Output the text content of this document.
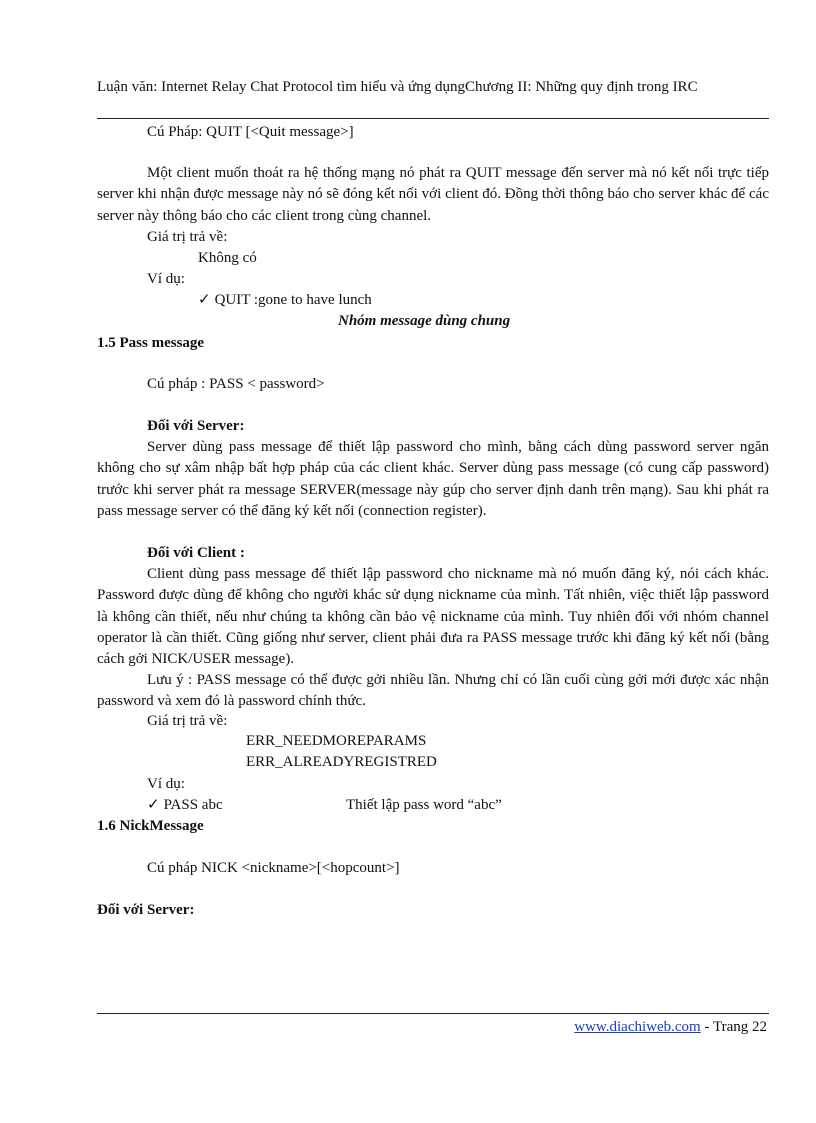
Luận văn: Internet Relay Chat Protocol tìm hiểu và ứng dụngChương II: Những quy định trong IRC
Cú Pháp: QUIT [<Quit message>]
Một client muốn thoát ra hệ thống mạng nó phát ra QUIT message đến server mà nó kết nối trực tiếp server khi nhận được message này nó sẽ đóng kết nối với client đó. Đồng thời thông báo cho server khác để các server này thông báo cho các client trong cùng channel.
Giá trị trả về:
Không có
Ví dụ:
✓ QUIT :gone to have lunch
Nhóm message dùng chung
1.5 Pass message
Cú pháp : PASS < password>
Đối với Server:
Server dùng pass message để thiết lập password cho mình, bằng cách dùng password server ngăn không cho sự xâm nhập bất hợp pháp của các client khác. Server dùng pass message (có cung cấp password) trước khi server phát ra message SERVER(message này gúp cho server định danh trên mạng). Sau khi phát ra pass message server có thể đăng ký kết nối (connection register).
Đối với Client :
Client dùng pass message để thiết lập password cho nickname mà nó muốn đăng ký, nói cách khác. Password được dùng để không cho người khác sử dụng nickname của mình. Tất nhiên, việc thiết lập password là không cần thiết, nếu như chúng ta không cần bảo vệ nickname của mình. Tuy nhiên đối với nhóm channel operator là cần thiết. Cũng giống như server, client phải đưa ra PASS message trước khi đăng ký kết nối (bằng cách gởi NICK/USER message).
Lưu ý : PASS message có thể được gởi nhiều lần. Nhưng chỉ có lần cuối cùng gởi mới được xác nhận password và xem đó là password chính thức.
Giá trị trả về:
ERR_NEEDMOREPARAMS
ERR_ALREADYREGISTRED
Ví dụ:
✓ PASS abc	Thiết lập pass word “abc”
1.6 NickMessage
Cú pháp NICK <nickname>[<hopcount>]
Đối với Server:
www.diachiweb.com - Trang 22
